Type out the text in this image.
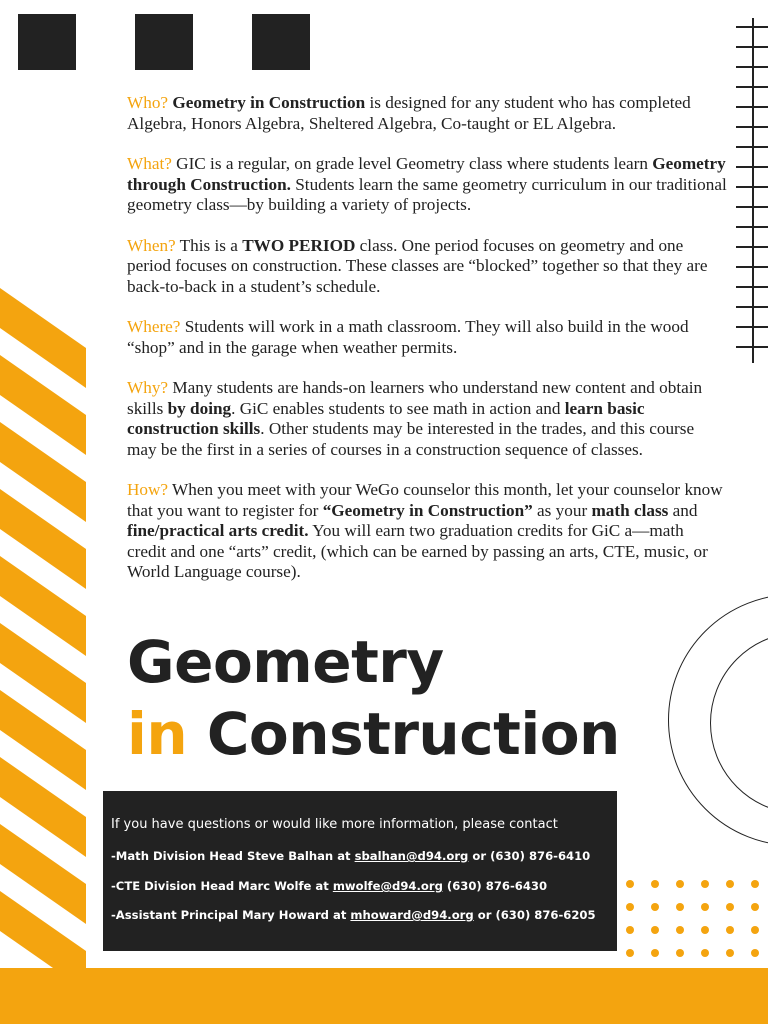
Who? Geometry in Construction is designed for any student who has completed Algebra, Honors Algebra, Sheltered Algebra, Co-taught or EL Algebra.

What? GIC is a regular, on grade level Geometry class where students learn Geometry through Construction. Students learn the same geometry curriculum in our traditional geometry class—by building a variety of projects.

When? This is a TWO PERIOD class. One period focuses on geometry and one period focuses on construction. These classes are “blocked” together so that they are back-to-back in a student’s schedule.

Where? Students will work in a math classroom. They will also build in the wood “shop” and in the garage when weather permits.

Why? Many students are hands-on learners who understand new content and obtain skills by doing. GiC enables students to see math in action and learn basic construction skills. Other students may be interested in the trades, and this course may be the first in a series of courses in a construction sequence of classes.

How? When you meet with your WeGo counselor this month, let your counselor know that you want to register for “Geometry in Construction” as your math class and fine/practical arts credit. You will earn two graduation credits for GiC a—math credit and one “arts” credit, (which can be earned by passing an arts, CTE, music, or World Language course).

Geometry
in Construction
If you have questions or would like more information, please contact
-Math Division Head Steve Balhan at sbalhan@d94.org or (630) 876-6410
-CTE Division Head Marc Wolfe at mwolfe@d94.org (630) 876-6430
-Assistant Principal Mary Howard at mhoward@d94.org or (630) 876-6205
